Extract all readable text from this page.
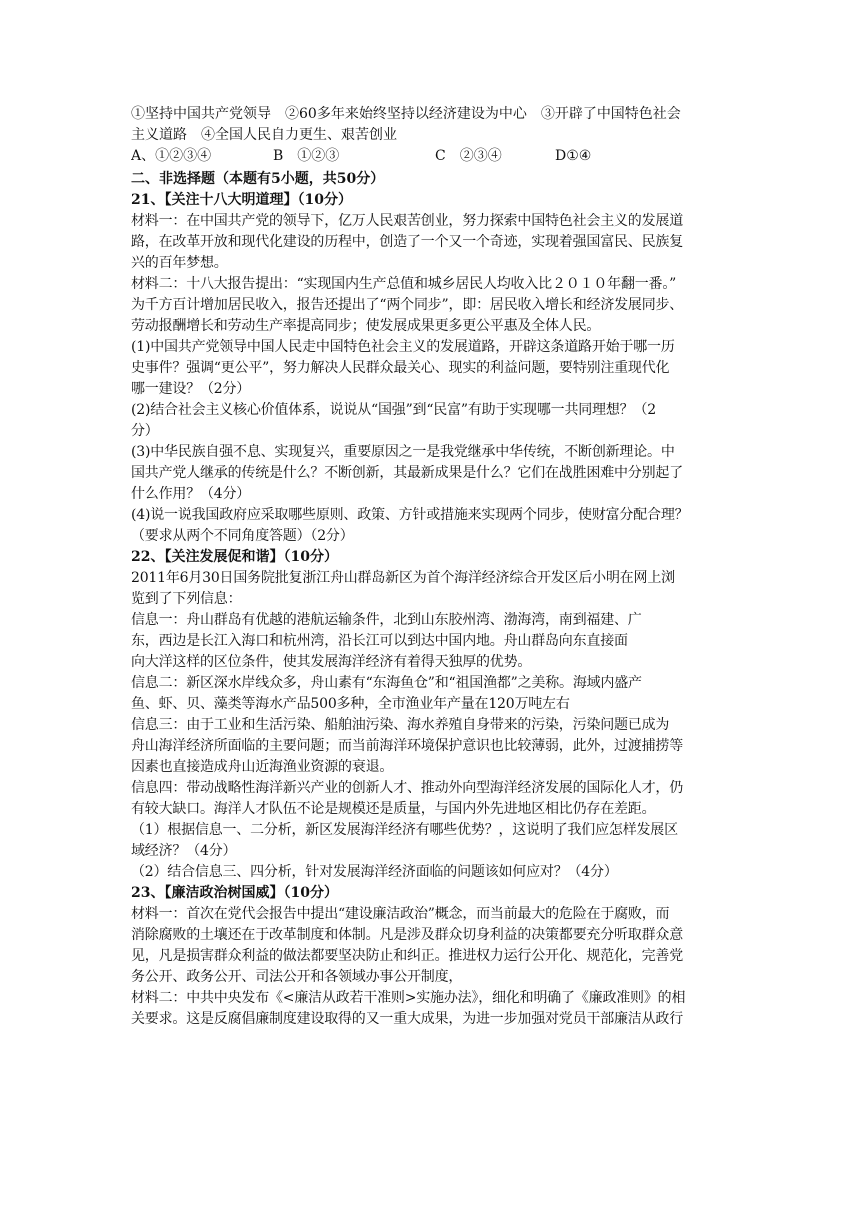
①坚持中国共产党领导　②60多年来始终坚持以经济建设为中心　③开辟了中国特色社会
主义道路　④全国人民自力更生、艰苦创业
A、①②③④	B　①②③	C　②③④	D①④
二、非选择题（本题有5小题，共50分）
21、【关注十八大明道理】（10分）
材料一：在中国共产党的领导下，亿万人民艰苦创业，努力探索中国特色社会主义的发展道
路，在改革开放和现代化建设的历程中，创造了一个又一个奇迹，实现着强国富民、民族复
兴的百年梦想。
材料二：十八大报告提出：“实现国内生产总值和城乡居民人均收入比２０１０年翻一番。”
为千方百计增加居民收入，报告还提出了“两个同步”，即：居民收入增长和经济发展同步、
劳动报酬增长和劳动生产率提高同步；使发展成果更多更公平惠及全体人民。
(1)中国共产党领导中国人民走中国特色社会主义的发展道路，开辟这条道路开始于哪一历
史事件？强调“更公平”，努力解决人民群众最关心、现实的利益问题，要特别注重现代化
哪一建设？（2分）
(2)结合社会主义核心价值体系，说说从“国强”到“民富”有助于实现哪一共同理想？（2
分）
(3)中华民族自强不息、实现复兴，重要原因之一是我党继承中华传统，不断创新理论。中
国共产党人继承的传统是什么？不断创新，其最新成果是什么？它们在战胜困难中分别起了
什么作用？（4分）
(4)说一说我国政府应采取哪些原则、政策、方针或措施来实现两个同步，使财富分配合理？
（要求从两个不同角度答题）（2分）
22、【关注发展促和谐】（10分）
2011年6月30日国务院批复浙江舟山群岛新区为首个海洋经济综合开发区后小明在网上浏
览到了下列信息：
信息一：舟山群岛有优越的港航运输条件，北到山东胶州湾、渤海湾，南到福建、广
东，西边是长江入海口和杭州湾，沿长江可以到达中国内地。舟山群岛向东直接面
向大洋这样的区位条件，使其发展海洋经济有着得天独厚的优势。
信息二：新区深水岸线众多，舟山素有“东海鱼仓”和“祖国渔都”之美称。海域内盛产
鱼、虾、贝、藻类等海水产品500多种，全市渔业年产量在120万吨左右
信息三：由于工业和生活污染、船舶油污染、海水养殖自身带来的污染，污染问题已成为
舟山海洋经济所面临的主要问题；而当前海洋环境保护意识也比较薄弱，此外，过渡捕捞等
因素也直接造成舟山近海渔业资源的衰退。
信息四：带动战略性海洋新兴产业的创新人才、推动外向型海洋经济发展的国际化人才，仍
有较大缺口。海洋人才队伍不论是规模还是质量，与国内外先进地区相比仍存在差距。
（1）根据信息一、二分析，新区发展海洋经济有哪些优势？，这说明了我们应怎样发展区
域经济？（4分）
（2）结合信息三、四分析，针对发展海洋经济面临的问题该如何应对？（4分）
23、【廉洁政治树国威】（10分）
材料一：首次在党代会报告中提出“建设廉洁政治”概念，而当前最大的危险在于腐败，而
消除腐败的土壤还在于改革制度和体制。凡是涉及群众切身利益的决策都要充分听取群众意
见，凡是损害群众利益的做法都要坚决防止和纠正。推进权力运行公开化、规范化，完善党
务公开、政务公开、司法公开和各领域办事公开制度，
材料二：中共中央发布《<廉洁从政若干准则>实施办法》，细化和明确了《廉政准则》的相
关要求。这是反腐倡廉制度建设取得的又一重大成果，为进一步加强对党员干部廉洁从政行
